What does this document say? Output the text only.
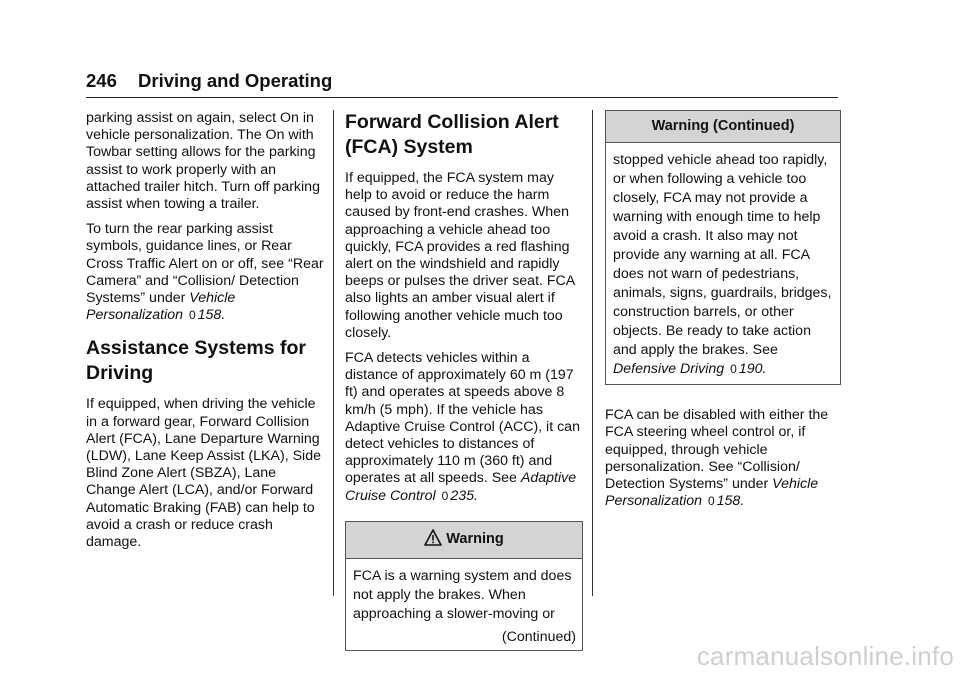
246 Driving and Operating

parking assist on again, select On in vehicle personalization. The On with Towbar setting allows for the parking assist to work properly with an attached trailer hitch. Turn off parking assist when towing a trailer.

To turn the rear parking assist symbols, guidance lines, or Rear Cross Traffic Alert on or off, see “Rear Camera” and “Collision/ Detection Systems” under Vehicle Personalization 0 158.

Assistance Systems for Driving

If equipped, when driving the vehicle in a forward gear, Forward Collision Alert (FCA), Lane Departure Warning (LDW), Lane Keep Assist (LKA), Side Blind Zone Alert (SBZA), Lane Change Alert (LCA), and/or Forward Automatic Braking (FAB) can help to avoid a crash or reduce crash damage.

Forward Collision Alert (FCA) System

If equipped, the FCA system may help to avoid or reduce the harm caused by front-end crashes. When approaching a vehicle ahead too quickly, FCA provides a red flashing alert on the windshield and rapidly beeps or pulses the driver seat. FCA also lights an amber visual alert if following another vehicle much too closely.

FCA detects vehicles within a distance of approximately 60 m (197 ft) and operates at speeds above 8 km/h (5 mph). If the vehicle has Adaptive Cruise Control (ACC), it can detect vehicles to distances of approximately 110 m (360 ft) and operates at all speeds. See Adaptive Cruise Control 0 235.

Warning
FCA is a warning system and does not apply the brakes. When approaching a slower-moving or
(Continued)
Warning (Continued)
stopped vehicle ahead too rapidly, or when following a vehicle too closely, FCA may not provide a warning with enough time to help avoid a crash. It also may not provide any warning at all. FCA does not warn of pedestrians, animals, signs, guardrails, bridges, construction barrels, or other objects. Be ready to take action and apply the brakes. See Defensive Driving 0 190.

FCA can be disabled with either the FCA steering wheel control or, if equipped, through vehicle personalization. See “Collision/ Detection Systems” under Vehicle Personalization 0 158.

carmanualsonline.info
